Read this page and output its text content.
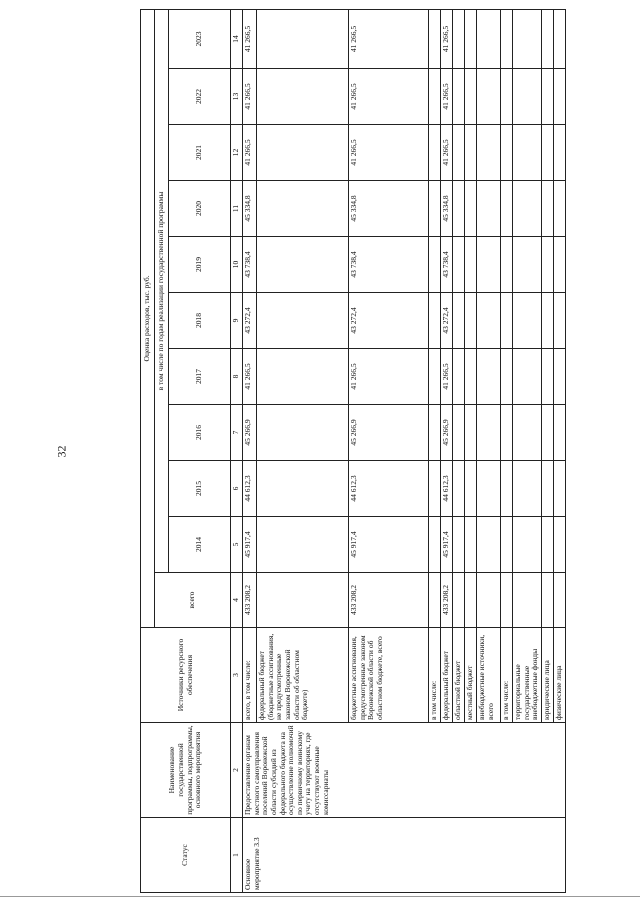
32
Статус	Наименование государственной программы, подпрограммы, основного мероприятия	Источники ресурсного обеспечения	Оценка расходов, тыс. руб.										
			всего	в том числе по годам реализации государственной программы									
				2014	2015	2016	2017	2018	2019	2020	2021	2022	2023
1	2	3	4	5	6	7	8	9	10	11	12	13	14
Основное мероприятие 3.3	Предоставление органам местного самоуправления поселений Воронежской области субсидий из федерального бюджета на осуществление полномочий по первичному воинскому учету на территориях, где отсутствуют военные комиссариаты	всего, в том числе:	433 208,2	45 917,4	44 612,3	45 266,9	41 266,5	43 272,4	43 738,4	45 334,8	41 266,5	41 266,5	41 266,5
		федеральный бюджет (бюджетные ассигнования, не предусмотренные законом Воронежской области об областном бюджете)											
		бюджетные ассигнования, предусмотренные законом Воронежской области об областном бюджете, всего	433 208,2	45 917,4	44 612,3	45 266,9	41 266,5	43 272,4	43 738,4	45 334,8	41 266,5	41 266,5	41 266,5
		в том числе:											
		федеральный бюджет	433 208,2	45 917,4	44 612,3	45 266,9	41 266,5	43 272,4	43 738,4	45 334,8	41 266,5	41 266,5	41 266,5
		областной бюджет											
		местный бюджет											
		внебюджетные источники, всего											
		в том числе:											
		территориальные государственные внебюджетные фонды											
		юридические лица											
		физические лица											
